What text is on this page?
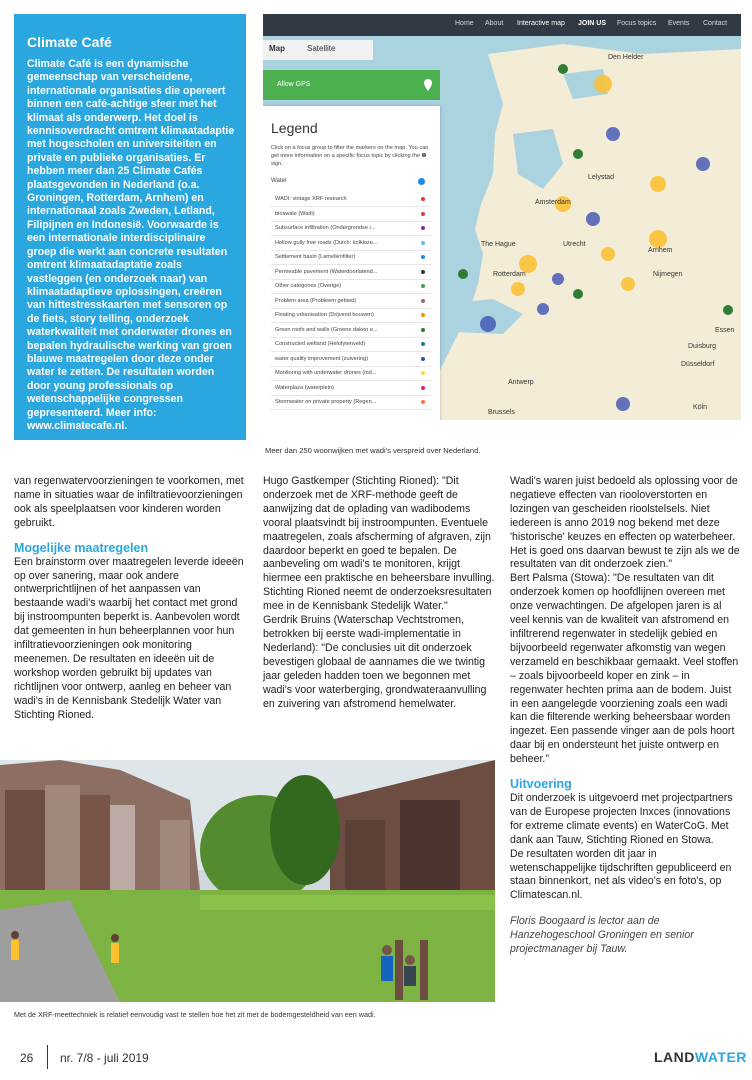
Climate Café

Climate Café is een dynamische gemeenschap van verscheidene, internationale organisaties die opereert binnen een café-achtige sfeer met het klimaat als onderwerp. Het doel is kennisoverdracht omtrent klimaatadaptie met hogescholen en universiteiten en private en publieke organisaties. Er hebben meer dan 25 Climate Cafés plaatsgevonden in Nederland (o.a. Groningen, Rotterdam, Arnhem) en internationaal zoals Zweden, Letland, Filipijnen en Indonesië. Voorwaarde is een internationale interdisciplinaire groep die werkt aan concrete resultaten omtrent klimaatadaptatie zoals vastleggen (en onderzoek naar) van klimaatadaptieve oplossingen, creëren van hittestresskaarten met sensoren op de fiets, story telling, onderzoek waterkwaliteit met onderwater drones en bepalen hydraulische werking van groen blauwe maatregelen door deze onder water te zetten. De resultaten worden door young professionals op wetenschappelijke congressen gepresenteerd. Meer info: www.climatecafe.nl.

Den Helder
Amsterdam
The Hague
Rotterdam
Utrecht
Nijmegen
Essen
Duisburg
Düsseldorf
Köln
Antwerp
Brussels
Lelystad
Arnhem
Home About Interactive map JOIN US Focus topics Events Contact
Map	Satellite
Allow GPS
Legend
Click on a focus group to filter the markers on the map. You can get more information on a specific focus topic by clicking the ❶ sign.
Water
WADI: vintage XRF research
bioswale (Wadi)
Subsurface infiltration (Ondergrondse i...
Hollow gully free roads (Dutch: kolkloze...
Settlement basin (Lamellenfilter)
Permeable pavement (Waterdoorlatend...
Other categories (Overige)
Problem area (Probleem gebied)
Floating urbanisation (Drijvend bouwen)
Green roofs and walls (Groene daken e...
Constructed wetland (Helofytenveld)
water quality improvement (zuivering)
Monitoring with underwater drones (ind...
Waterplaza (waterplein)
Stormwater on private property (Regen...
Meer dan 250 woonwijken met wadi's verspreid over Nederland.

van regenwatervoorzieningen te voorkomen, met name in situaties waar de infiltratievoorzieningen ook als speelplaatsen voor kinderen worden gebruikt.

Mogelijke maatregelen

Een brainstorm over maatregelen leverde ideeën op over sanering, maar ook andere ontwerprichtlijnen of het aanpassen van bestaande wadi's waarbij het contact met grond bij instroompunten beperkt is. Aanbevolen wordt dat gemeenten in hun beheerplannen voor hun infiltratievoorzieningen ook monitoring meenemen. De resultaten en ideeën uit de workshop worden gebruikt bij updates van richtlijnen voor ontwerp, aanleg en beheer van wadi's in de Kennisbank Stedelijk Water van Stichting Rioned.

Hugo Gastkemper (Stichting Rioned): "Dit onderzoek met de XRF-methode geeft de aanwijzing dat de oplading van wadibodems vooral plaatsvindt bij instroompunten. Eventuele maatregelen, zoals afscherming of afgraven, zijn daardoor beperkt en goed te bepalen. De aanbeveling om wadi's te monitoren, krijgt hiermee een praktische en beheersbare invulling. Stichting Rioned neemt de onderzoeksresultaten mee in de Kennisbank Stedelijk Water."

Gerdrik Bruins (Waterschap Vechtstromen, betrokken bij eerste wadi-implementatie in Nederland): "De conclusies uit dit onderzoek bevestigen globaal de aannames die we twintig jaar geleden hadden toen we begonnen met wadi's voor waterberging, grondwateraanvulling en zuivering van afstromend hemelwater.

Wadi's waren juist bedoeld als oplossing voor de negatieve effecten van riooloverstorten en lozingen van gescheiden rioolstelsels. Niet iedereen is anno 2019 nog bekend met deze 'historische' keuzes en effecten op waterbeheer. Het is goed ons daarvan bewust te zijn als we de resultaten van dit onderzoek zien."

Bert Palsma (Stowa): "De resultaten van dit onderzoek komen op hoofdlijnen overeen met onze verwachtingen. De afgelopen jaren is al veel kennis van de kwaliteit van afstromend en infiltrerend regenwater in stedelijk gebied en bijvoorbeeld regenwater afkomstig van wegen verzameld en beschikbaar gemaakt. Veel stoffen – zoals bijvoorbeeld koper en zink – in regenwater hechten prima aan de bodem. Juist in een aangelegde voorziening zoals een wadi kan die filterende werking beheersbaar worden ingezet. Een passende vinger aan de pols hoort daar bij en ondersteunt het juiste ontwerp en beheer."

Uitvoering

Dit onderzoek is uitgevoerd met projectpartners van de Europese projecten Inxces (innovations for extreme climate events) en WaterCoG. Met dank aan Tauw, Stichting Rioned en Stowa.

De resultaten worden dit jaar in wetenschappelijke tijdschriften gepubliceerd en staan binnenkort, net als video's en foto's, op Climatescan.nl.

Floris Boogaard is lector aan de Hanzehogeschool Groningen en senior projectmanager bij Tauw.

Met de XRF-meettechniek is relatief eenvoudig vast te stellen hoe het zit met de bodemgesteldheid van een wadi.
26 nr. 7/8 - juli 2019	LANDWATER
